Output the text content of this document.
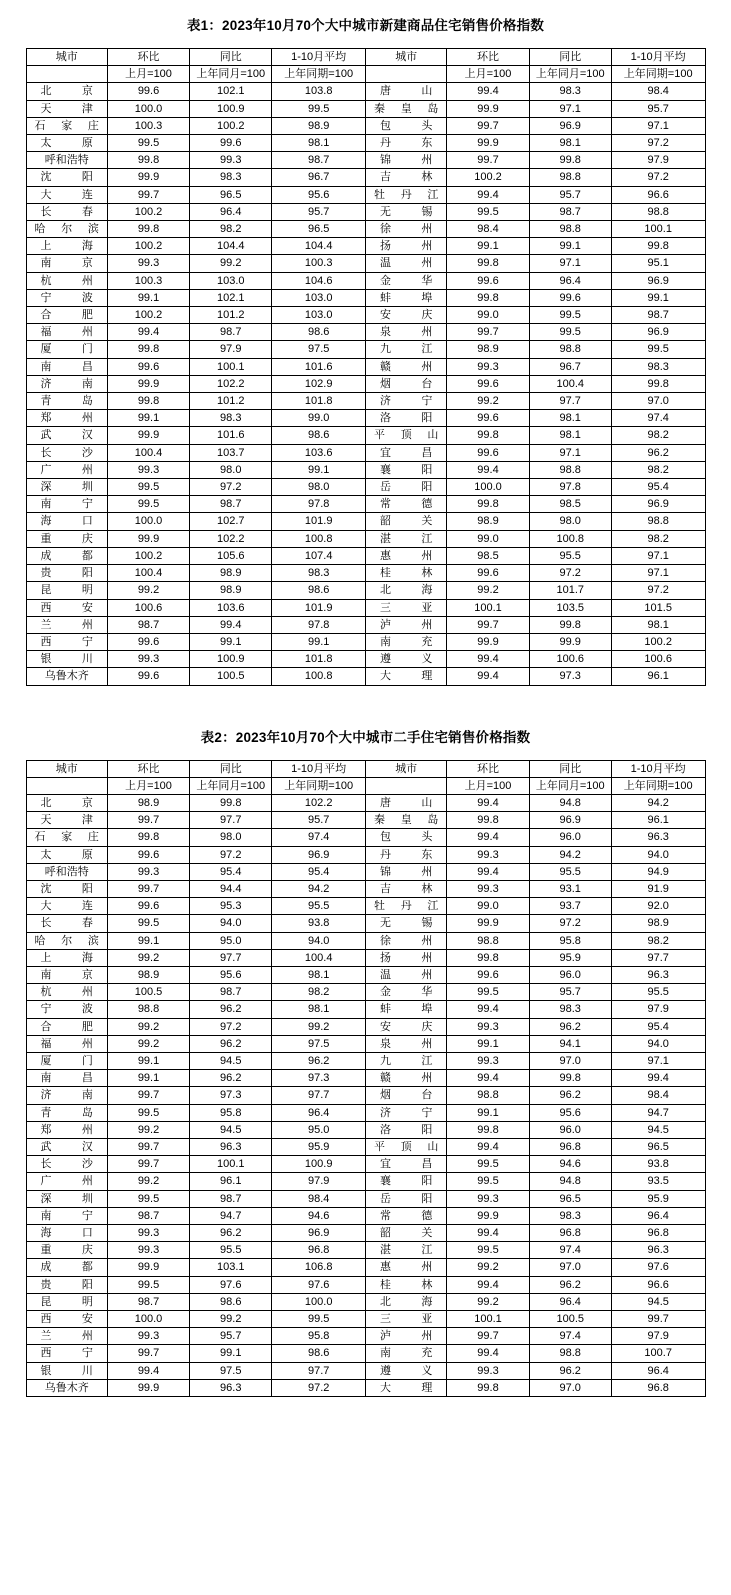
表1：2023年10月70个大中城市新建商品住宅销售价格指数
城市	环比	同比	1-10月平均	城市	环比	同比	1-10月平均
	上月=100	上年同月=100	上年同期=100		上月=100	上年同月=100	上年同期=100

北 京	99.6	102.1	103.8	唐 山	99.4	98.3	98.4

天 津	100.0	100.9	99.5	秦 皇 岛	99.9	97.1	95.7

石 家 庄	100.3	100.2	98.9	包 头	99.7	96.9	97.1

太 原	99.5	99.6	98.1	丹 东	99.9	98.1	97.2

呼和浩特	99.8	99.3	98.7	锦 州	99.7	99.8	97.9

沈 阳	99.9	98.3	96.7	吉 林	100.2	98.8	97.2

大 连	99.7	96.5	95.6	牡 丹 江	99.4	95.7	96.6

长 春	100.2	96.4	95.7	无 锡	99.5	98.7	98.8

哈 尔 滨	99.8	98.2	96.5	徐 州	98.4	98.8	100.1

上 海	100.2	104.4	104.4	扬 州	99.1	99.1	99.8

南 京	99.3	99.2	100.3	温 州	99.8	97.1	95.1

杭 州	100.3	103.0	104.6	金 华	99.6	96.4	96.9

宁 波	99.1	102.1	103.0	蚌 埠	99.8	99.6	99.1

合 肥	100.2	101.2	103.0	安 庆	99.0	99.5	98.7

福 州	99.4	98.7	98.6	泉 州	99.7	99.5	96.9

厦 门	99.8	97.9	97.5	九 江	98.9	98.8	99.5

南 昌	99.6	100.1	101.6	赣 州	99.3	96.7	98.3

济 南	99.9	102.2	102.9	烟 台	99.6	100.4	99.8

青 岛	99.8	101.2	101.8	济 宁	99.2	97.7	97.0

郑 州	99.1	98.3	99.0	洛 阳	99.6	98.1	97.4

武 汉	99.9	101.6	98.6	平 顶 山	99.8	98.1	98.2

长 沙	100.4	103.7	103.6	宜 昌	99.6	97.1	96.2

广 州	99.3	98.0	99.1	襄 阳	99.4	98.8	98.2

深 圳	99.5	97.2	98.0	岳 阳	100.0	97.8	95.4

南 宁	99.5	98.7	97.8	常 德	99.8	98.5	96.9

海 口	100.0	102.7	101.9	韶 关	98.9	98.0	98.8

重 庆	99.9	102.2	100.8	湛 江	99.0	100.8	98.2

成 都	100.2	105.6	107.4	惠 州	98.5	95.5	97.1

贵 阳	100.4	98.9	98.3	桂 林	99.6	97.2	97.1

昆 明	99.2	98.9	98.6	北 海	99.2	101.7	97.2

西 安	100.6	103.6	101.9	三 亚	100.1	103.5	101.5

兰 州	98.7	99.4	97.8	泸 州	99.7	99.8	98.1

西 宁	99.6	99.1	99.1	南 充	99.9	99.9	100.2

银 川	99.3	100.9	101.8	遵 义	99.4	100.6	100.6

乌鲁木齐	99.6	100.5	100.8	大 理	99.4	97.3	96.1
表2：2023年10月70个大中城市二手住宅销售价格指数
城市	环比	同比	1-10月平均	城市	环比	同比	1-10月平均
	上月=100	上年同月=100	上年同期=100		上月=100	上年同月=100	上年同期=100

北 京	98.9	99.8	102.2	唐 山	99.4	94.8	94.2

天 津	99.7	97.7	95.7	秦 皇 岛	99.8	96.9	96.1

石 家 庄	99.8	98.0	97.4	包 头	99.4	96.0	96.3

太 原	99.6	97.2	96.9	丹 东	99.3	94.2	94.0

呼和浩特	99.3	95.4	95.4	锦 州	99.4	95.5	94.9

沈 阳	99.7	94.4	94.2	吉 林	99.3	93.1	91.9

大 连	99.6	95.3	95.5	牡 丹 江	99.0	93.7	92.0

长 春	99.5	94.0	93.8	无 锡	99.9	97.2	98.9

哈 尔 滨	99.1	95.0	94.0	徐 州	98.8	95.8	98.2

上 海	99.2	97.7	100.4	扬 州	99.8	95.9	97.7

南 京	98.9	95.6	98.1	温 州	99.6	96.0	96.3

杭 州	100.5	98.7	98.2	金 华	99.5	95.7	95.5

宁 波	98.8	96.2	98.1	蚌 埠	99.4	98.3	97.9

合 肥	99.2	97.2	99.2	安 庆	99.3	96.2	95.4

福 州	99.2	96.2	97.5	泉 州	99.1	94.1	94.0

厦 门	99.1	94.5	96.2	九 江	99.3	97.0	97.1

南 昌	99.1	96.2	97.3	赣 州	99.4	99.8	99.4

济 南	99.7	97.3	97.7	烟 台	98.8	96.2	98.4

青 岛	99.5	95.8	96.4	济 宁	99.1	95.6	94.7

郑 州	99.2	94.5	95.0	洛 阳	99.8	96.0	94.5

武 汉	99.7	96.3	95.9	平 顶 山	99.4	96.8	96.5

长 沙	99.7	100.1	100.9	宜 昌	99.5	94.6	93.8

广 州	99.2	96.1	97.9	襄 阳	99.5	94.8	93.5

深 圳	99.5	98.7	98.4	岳 阳	99.3	96.5	95.9

南 宁	98.7	94.7	94.6	常 德	99.9	98.3	96.4

海 口	99.3	96.2	96.9	韶 关	99.4	96.8	96.8

重 庆	99.3	95.5	96.8	湛 江	99.5	97.4	96.3

成 都	99.9	103.1	106.8	惠 州	99.2	97.0	97.6

贵 阳	99.5	97.6	97.6	桂 林	99.4	96.2	96.6

昆 明	98.7	98.6	100.0	北 海	99.2	96.4	94.5

西 安	100.0	99.2	99.5	三 亚	100.1	100.5	99.7

兰 州	99.3	95.7	95.8	泸 州	99.7	97.4	97.9

西 宁	99.7	99.1	98.6	南 充	99.4	98.8	100.7

银 川	99.4	97.5	97.7	遵 义	99.3	96.2	96.4

乌鲁木齐	99.9	96.3	97.2	大 理	99.8	97.0	96.8
